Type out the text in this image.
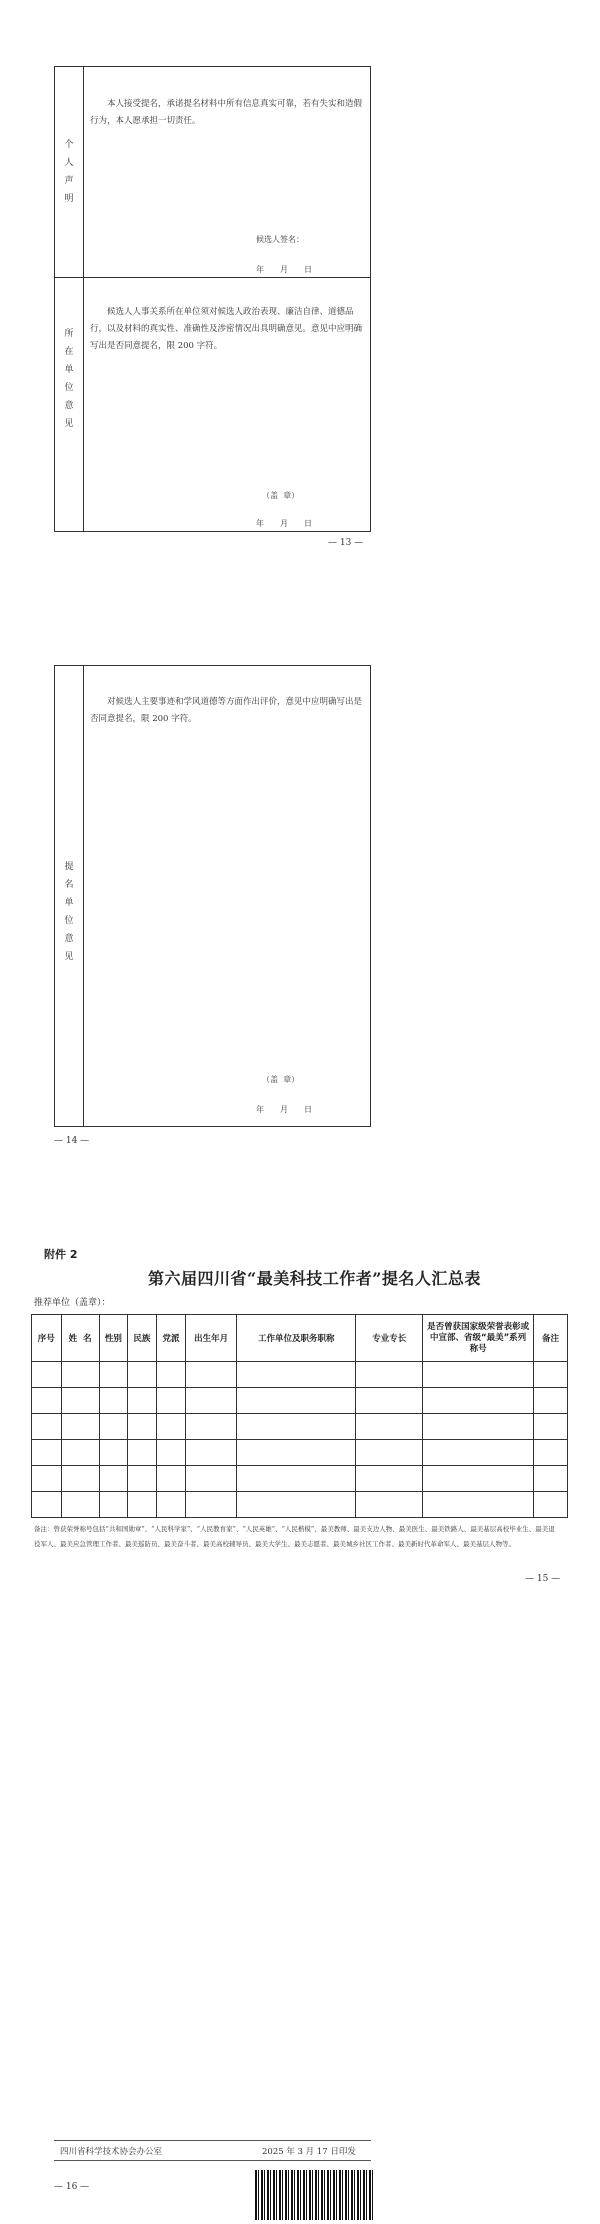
个
人
声
明
本人接受提名，承诺提名材料中所有信息真实可靠，若有失实和造假行为，本人愿承担一切责任。
候选人签名：
年　　月　　日
所
在
单
位
意
见
候选人人事关系所在单位须对候选人政治表现、廉洁自律、道德品行，以及材料的真实性、准确性及涉密情况出具明确意见。意见中应明确写出是否同意提名，限 200 字符。
（盖  章）
年　　月　　日
— 13 —
提
名
单
位
意
见
对候选人主要事迹和学风道德等方面作出评价，意见中应明确写出是否同意提名，限 200 字符。
（盖  章）
年　　月　　日
— 14 —
附件 2
第六届四川省“最美科技工作者”提名人汇总表
推荐单位（盖章）：
序号	姓  名	性别	民族	党派	出生年月	工作单位及职务职称	专业专长	是否曾获国家级荣誉表彰或中宣部、省级“最美”系列称号	备注

备注：曾获荣誉称号包括“共和国勋章”、“人民科学家”、“人民教育家”、“人民英雄”、“人民楷模”、最美教师、最美支边人物、最美医生、最美铁路人、最美基层高校毕业生、最美退役军人、最美应急管理工作者、最美巡防员、最美奋斗者、最美高校辅导员、最美大学生、最美志愿者、最美城乡社区工作者、最美新时代革命军人、最美基层人物等。
— 15 —
四川省科学技术协会办公室	2025 年 3 月 17 日印发
— 16 —
